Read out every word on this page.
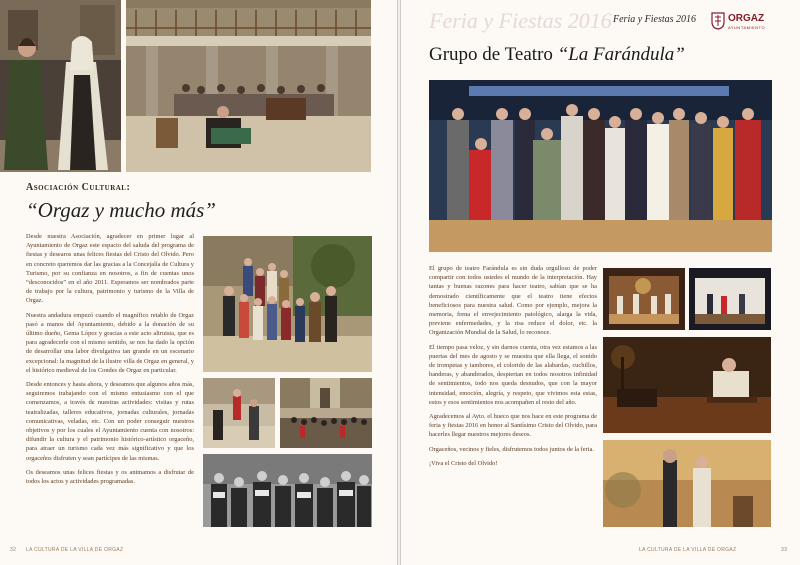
Asociación Cultural:
“Orgaz y mucho más”

Desde nuestra Asociación, agradecer en primer lugar al Ayuntamiento de Orgaz este espacio del saluda del programa de fiestas y desearos unas felices fiestas del Cristo del Olvido. Pero en concreto queremos dar las gracias a la Concejalía de Cultura y Turismo, por su confianza en nosotros, a fin de cuentas unos “desconocidos” en el año 2011. Esperamos ser nombrados parte de trabajo por la cultura, patrimonio y turismo de la Villa de Orgaz.

Nuestra andadura empezó cuando el magnífico retablo de Orgaz pasó a manos del Ayuntamiento, debido a la donación de su último dueño, Gema López y gracias a este acto altruista, que es para agradecerle con el mismo sentido, se nos ha dado la opción de desarrollar una labor divulgativa tan grande en un escenario excepcional: la magnitud de la ilustre villa de Orgaz en general, y el histórico medieval de los Condes de Orgaz en particular.

Desde entonces y hasta ahora, y deseamos que algunos años más, seguiremos trabajando con el mismo entusiasmo con el que comenzamos, a través de nuestras actividades: visitas y rutas teatralizadas, talleres educativos, jornadas culturales, jornadas comunicativas, veladas, etc. Con un poder conseguir nuestros objetivos y por los cuales el Ayuntamiento cuenta con nosotros: difundir la cultura y el patrimonio histórico-artístico orgaceño, para atraer un turismo cada vez más significativo y que los orgaceños disfruten y sean partícipes de las mismas.

Os deseamos unas felices fiestas y os animamos a disfrutar de todos los actos y actividades programadas.

32 LA CULTURA DE LA VILLA DE ORGAZ
Feria y Fiestas 2016 Feria y Fiestas 2016	ORGAZ
AYUNTAMIENTO
Grupo de Teatro “La Farándula”

El grupo de teatro Farándula es sin duda orgulloso de poder compartir con todos ustedes el mundo de la interpretación. Hay tantas y buenas razones para hacer teatro, sabían que se ha demostrado científicamente que el teatro tiene efectos beneficiosos para nuestra salud. Como por ejemplo, mejora la memoria, frena el envejecimiento patológico, alarga la vida, previene enfermedades, y la risa reduce el dolor, etc. la Organización Mundial de la Salud, lo reconoce.

El tiempo pasa veloz, y sin darnos cuenta, otra vez estamos a las puertas del mes de agosto y se muestra que ella llega, el sonido de trompetas y tambores, el colorido de las alabardas, cuchillos, banderas, y abanderados, despiertan en todos nosotros infinidad de sentimientos, todo nos queda desnudos, que con la mayor intensidad, emoción, alegría, y respeto, que vivimos esta estas, estos y esos sentimientos nos acompañen el resto del año.

Agradecemos al Ayto. el hueco que nos hace en este programa de feria y fiestas 2016 en honor al Santísimo Cristo del Olvido, para hacerles llegar nuestros mejores deseos.

Orgaceños, vecinos y fieles, disfrutemos todos juntos de la feria.

¡Viva el Cristo del Olvido!

LA CULTURA DE LA VILLA DE ORGAZ	33
